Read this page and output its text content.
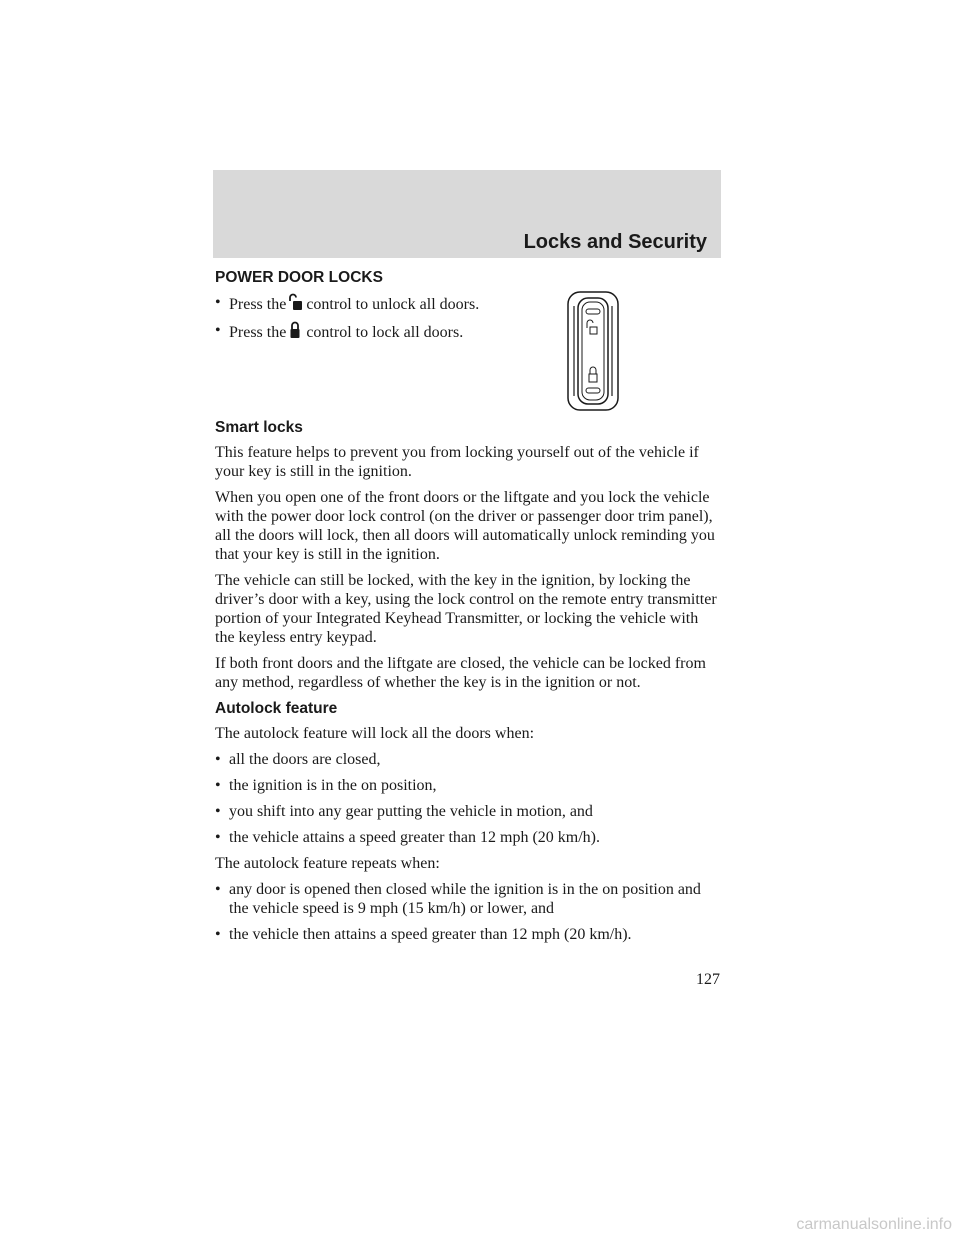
Locks and Security
POWER DOOR LOCKS
• Press the control to unlock all doors.
• Press the control to lock all doors.
Smart locks

This feature helps to prevent you from locking yourself out of the vehicle if your key is still in the ignition.

When you open one of the front doors or the liftgate and you lock the vehicle with the power door lock control (on the driver or passenger door trim panel), all the doors will lock, then all doors will automatically unlock reminding you that your key is still in the ignition.

The vehicle can still be locked, with the key in the ignition, by locking the driver’s door with a key, using the lock control on the remote entry transmitter portion of your Integrated Keyhead Transmitter, or locking the vehicle with the keyless entry keypad.

If both front doors and the liftgate are closed, the vehicle can be locked from any method, regardless of whether the key is in the ignition or not.

Autolock feature

The autolock feature will lock all the doors when:

• all the doors are closed,
• the ignition is in the on position,
• you shift into any gear putting the vehicle in motion, and
• the vehicle attains a speed greater than 12 mph (20 km/h).

The autolock feature repeats when:

• any door is opened then closed while the ignition is in the on position and the vehicle speed is 9 mph (15 km/h) or lower, and
• the vehicle then attains a speed greater than 12 mph (20 km/h).
127
carmanualsonline.info
